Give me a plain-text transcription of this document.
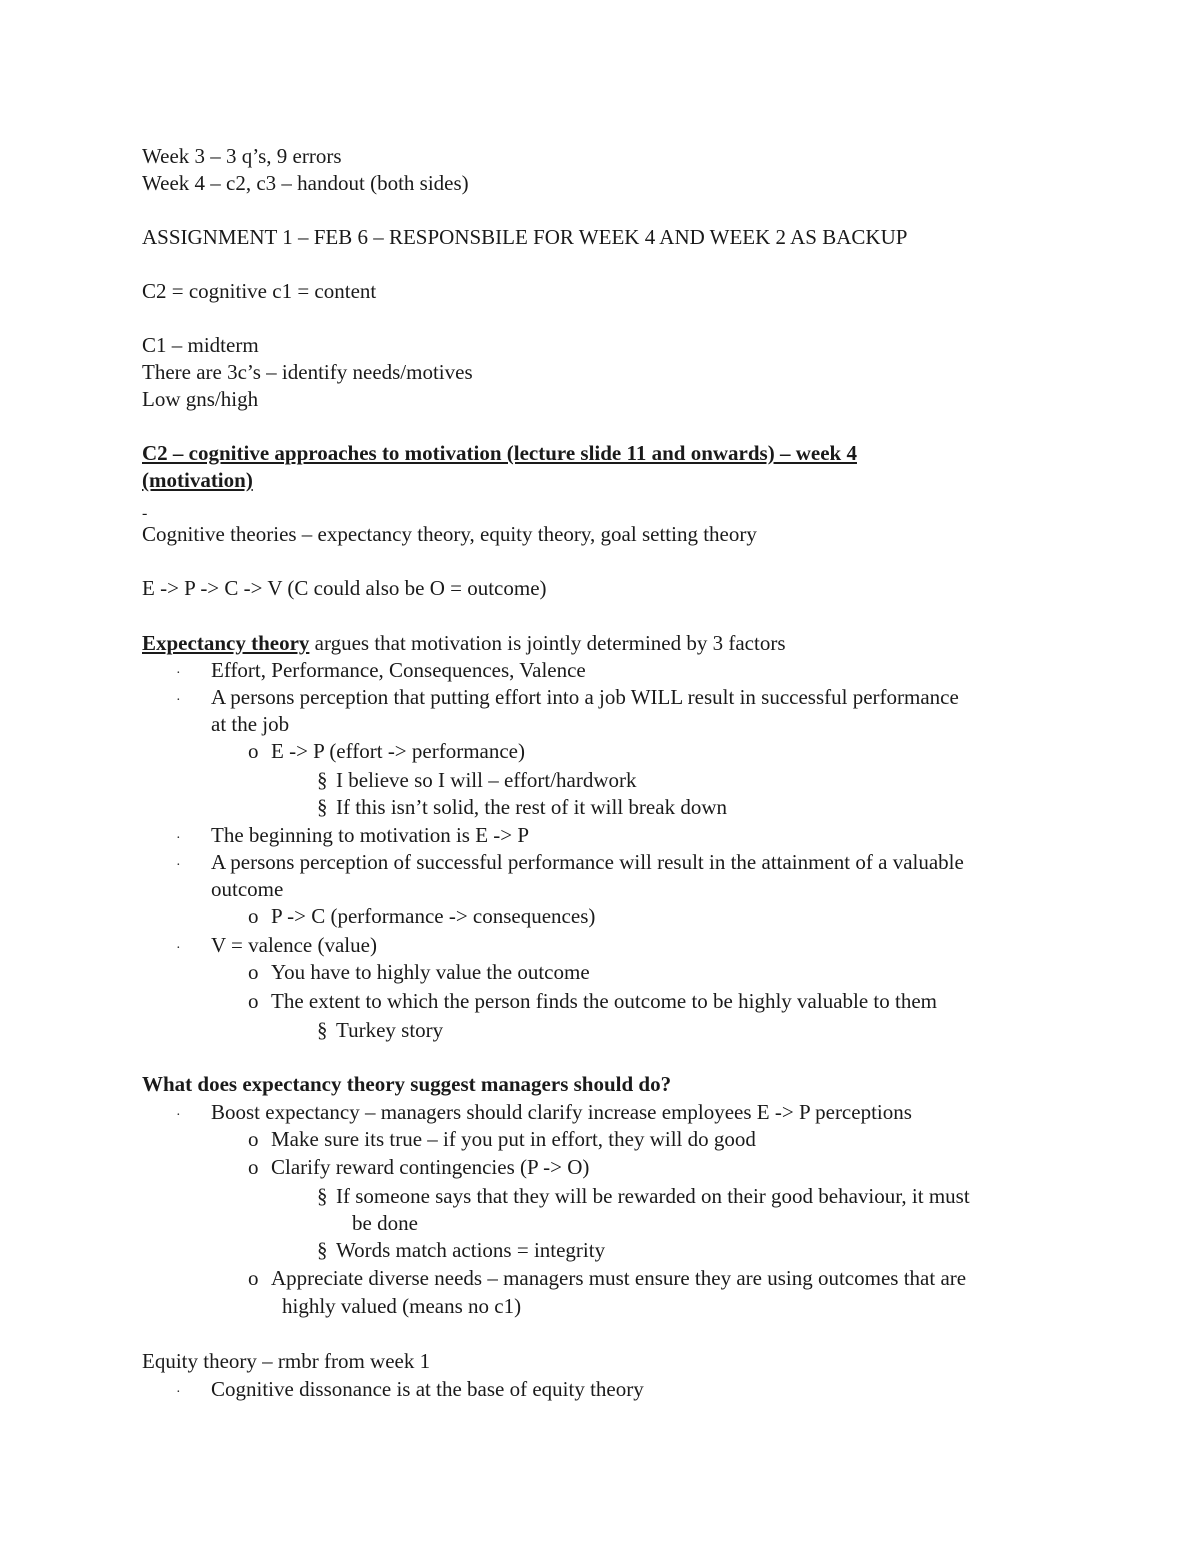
Week 3 – 3 q’s, 9 errors
Week 4 – c2, c3 – handout (both sides)
ASSIGNMENT 1 – FEB 6 – RESPONSBILE FOR WEEK 4 AND WEEK 2 AS BACKUP
C2 = cognitive c1 = content
C1 – midterm
There are 3c’s – identify needs/motives
Low gns/high
C2 – cognitive approaches to motivation (lecture slide 11 and onwards) – week 4
(motivation)
-
Cognitive theories – expectancy theory, equity theory, goal setting theory
E -> P -> C -> V (C could also be O = outcome)
Expectancy theory argues that motivation is jointly determined by 3 factors
· Effort, Performance, Consequences, Valence
· A persons perception that putting effort into a job WILL result in successful performance
at the job
o E -> P (effort -> performance)
§ I believe so I will – effort/hardwork
§ If this isn’t solid, the rest of it will break down
· The beginning to motivation is E -> P
· A persons perception of successful performance will result in the attainment of a valuable
outcome
o P -> C (performance -> consequences)
· V = valence (value)
o You have to highly value the outcome
o The extent to which the person finds the outcome to be highly valuable to them
§ Turkey story
What does expectancy theory suggest managers should do?
· Boost expectancy – managers should clarify increase employees E -> P perceptions
o Make sure its true – if you put in effort, they will do good
o Clarify reward contingencies (P -> O)
§ If someone says that they will be rewarded on their good behaviour, it must
be done
§ Words match actions = integrity
o Appreciate diverse needs – managers must ensure they are using outcomes that are
highly valued (means no c1)
Equity theory – rmbr from week 1
· Cognitive dissonance is at the base of equity theory
